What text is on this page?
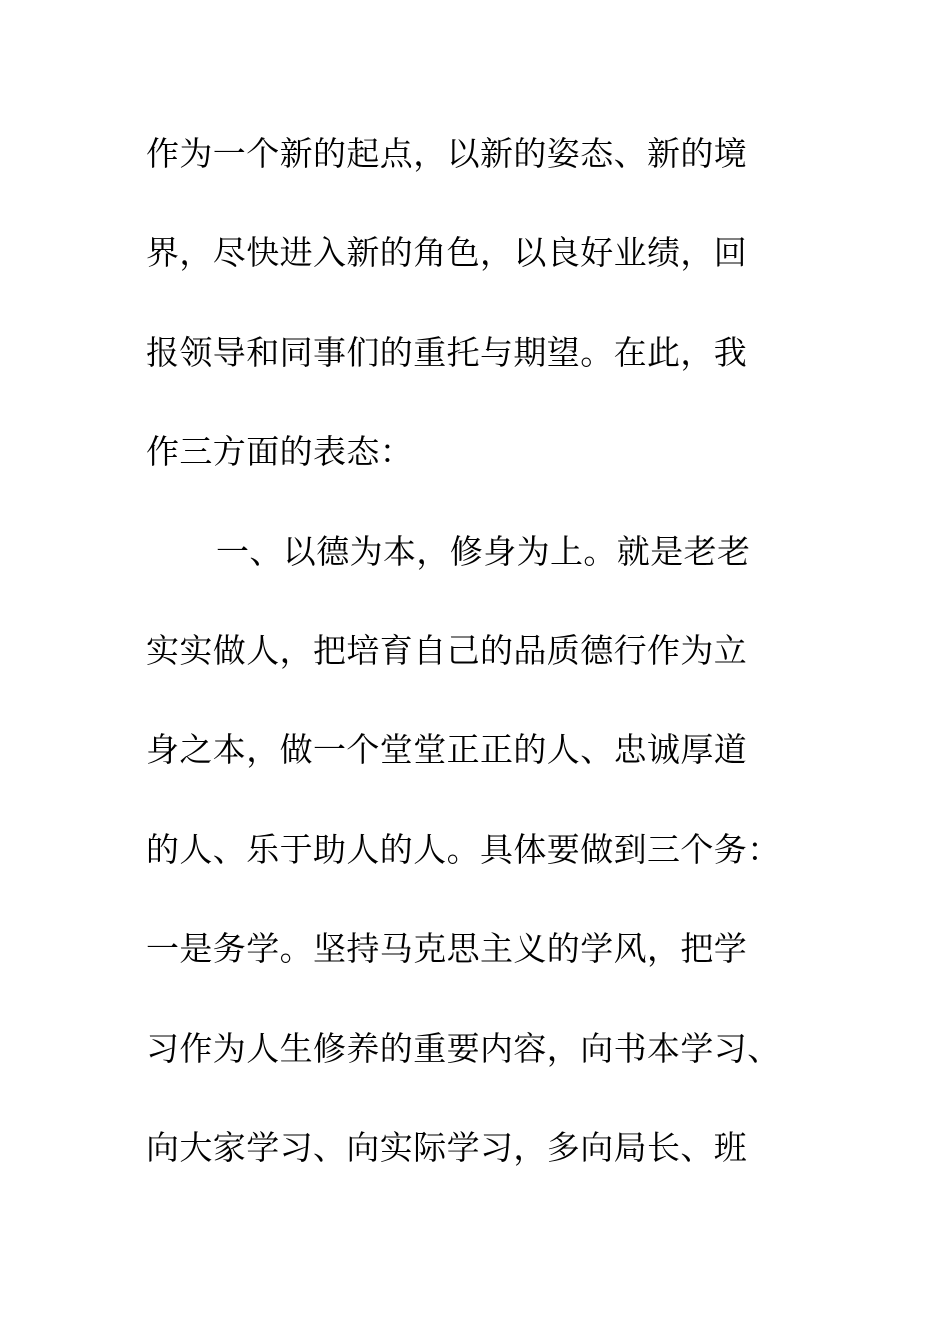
作为一个新的起点，以新的姿态、新的境
界，尽快进入新的角色，以良好业绩，回
报领导和同事们的重托与期望。在此，我
作三方面的表态：
一、以德为本，修身为上。就是老老
实实做人，把培育自己的品质德行作为立
身之本，做一个堂堂正正的人、忠诚厚道
的人、乐于助人的人。具体要做到三个务：
一是务学。坚持马克思主义的学风，把学
习作为人生修养的重要内容，向书本学习、
向大家学习、向实际学习，多向局长、班
